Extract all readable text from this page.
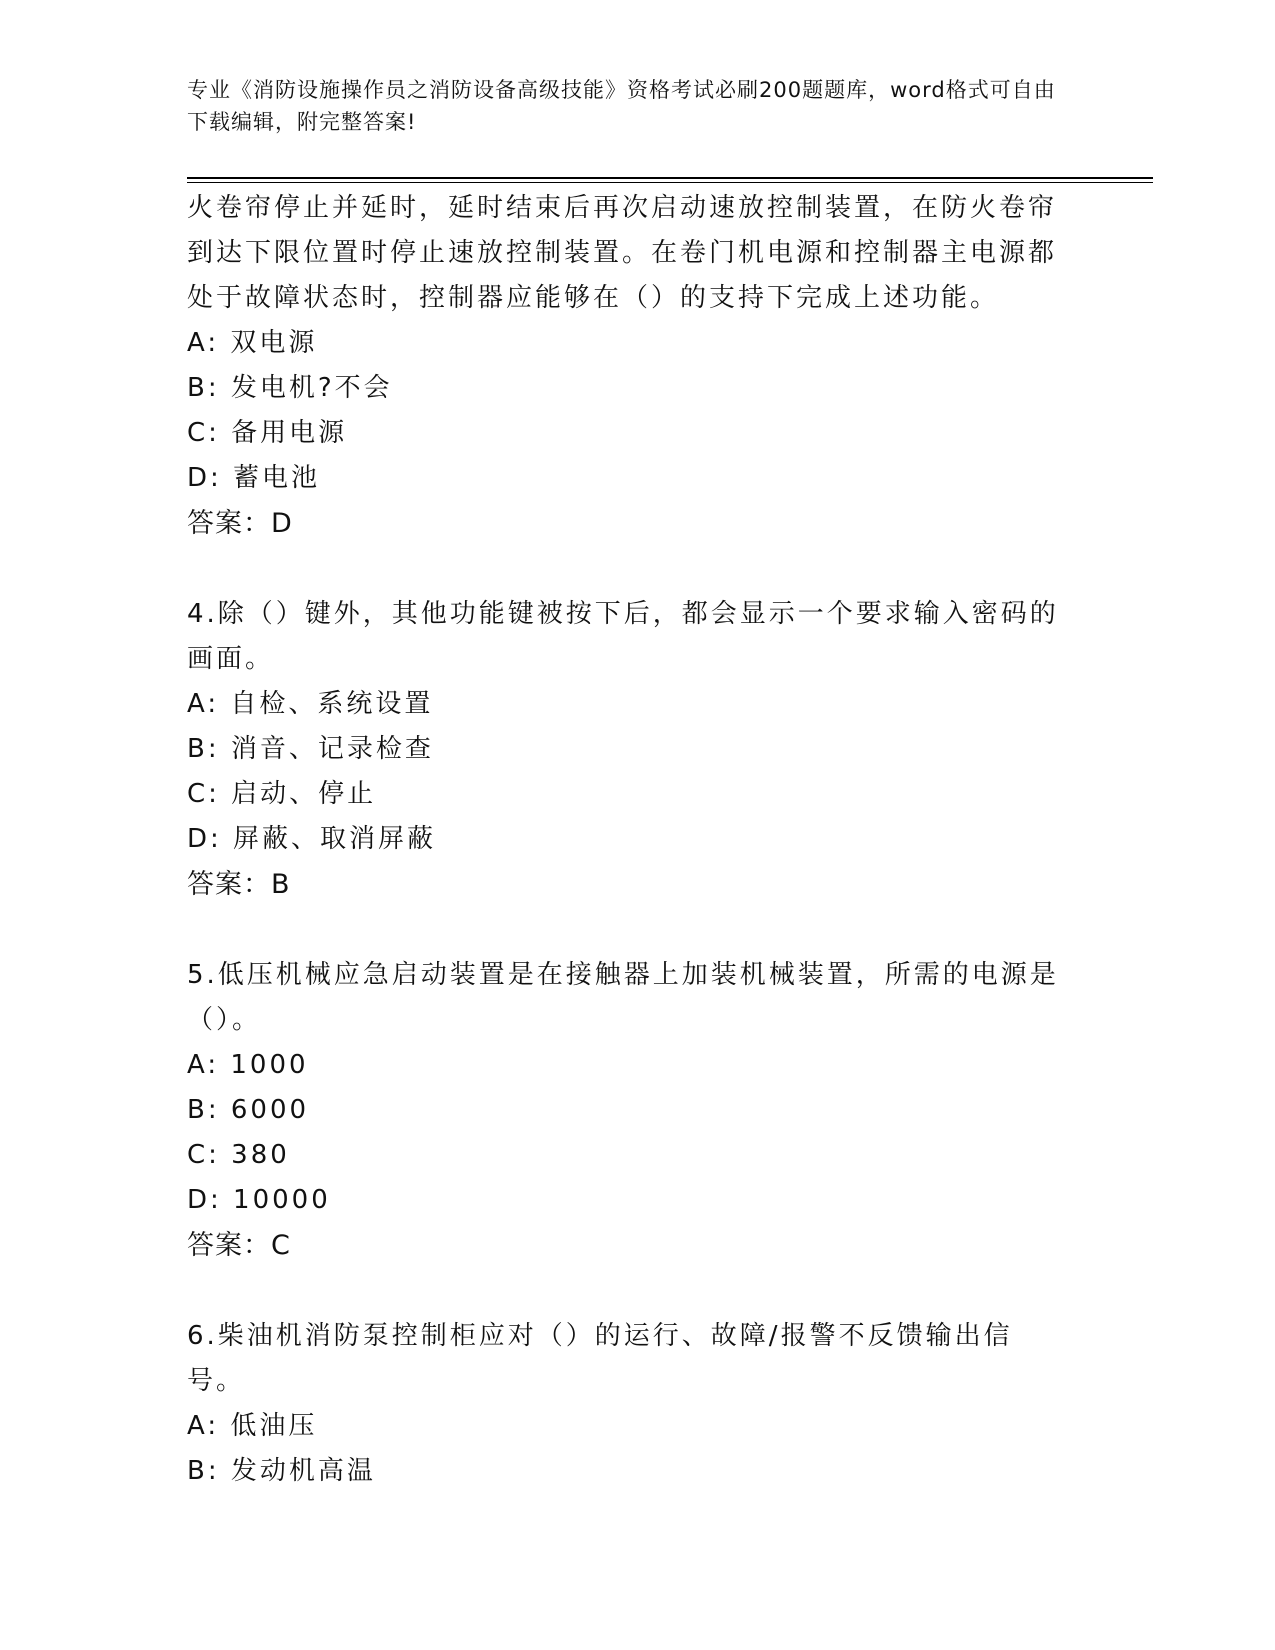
专业《消防设施操作员之消防设备高级技能》资格考试必刷200题题库，word格式可自由下载编辑，附完整答案!
火卷帘停止并延时，延时结束后再次启动速放控制装置，在防火卷帘到达下限位置时停止速放控制装置。在卷门机电源和控制器主电源都处于故障状态时，控制器应能够在（）的支持下完成上述功能。
A: 双电源
B: 发电机?不会
C: 备用电源
D: 蓄电池
答案：D
4.除（）键外，其他功能键被按下后，都会显示一个要求输入密码的画面。
A: 自检、系统设置
B: 消音、记录检查
C: 启动、停止
D: 屏蔽、取消屏蔽
答案：B
5.低压机械应急启动装置是在接触器上加装机械装置，所需的电源是（）。
A: 1000
B: 6000
C: 380
D: 10000
答案：C
6.柴油机消防泵控制柜应对（）的运行、故障/报警不反馈输出信号。
A: 低油压
B: 发动机高温
